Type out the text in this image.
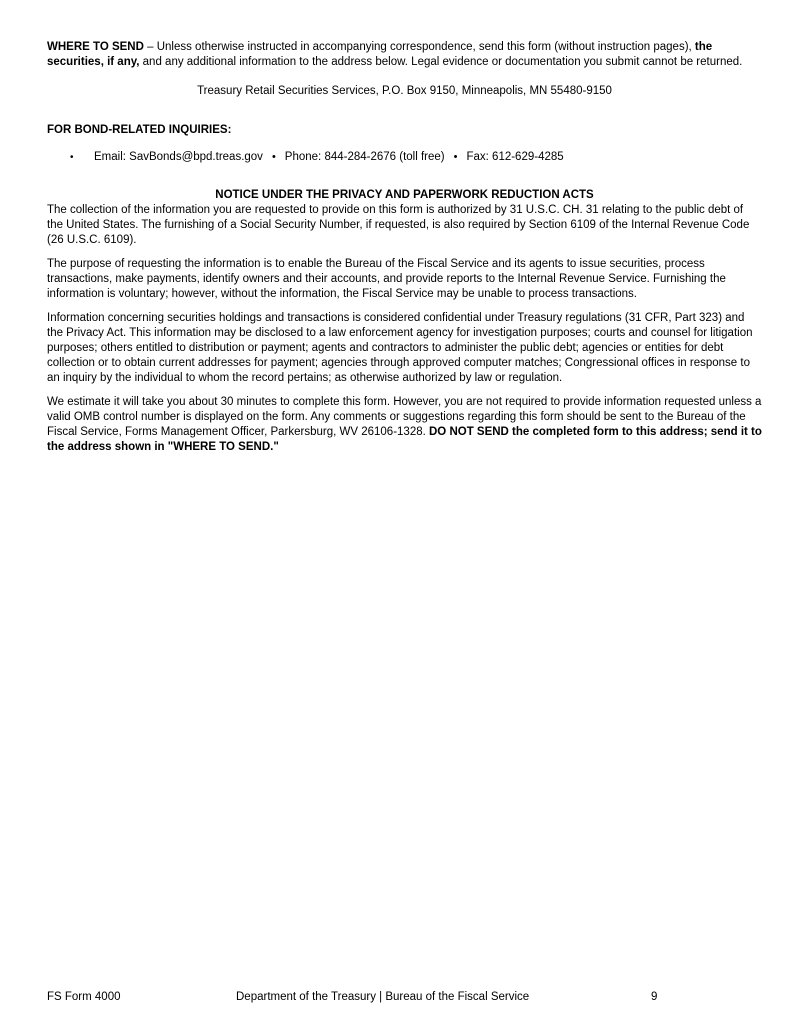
WHERE TO SEND – Unless otherwise instructed in accompanying correspondence, send this form (without instruction pages), the securities, if any, and any additional information to the address below. Legal evidence or documentation you submit cannot be returned.

Treasury Retail Securities Services, P.O. Box 9150, Minneapolis, MN 55480-9150

FOR BOND-RELATED INQUIRIES:

•	Email: SavBonds@bpd.treas.gov • Phone: 844-284-2676 (toll free) • Fax: 612-629-4285

NOTICE UNDER THE PRIVACY AND PAPERWORK REDUCTION ACTS

The collection of the information you are requested to provide on this form is authorized by 31 U.S.C. CH. 31 relating to the public debt of the United States. The furnishing of a Social Security Number, if requested, is also required by Section 6109 of the Internal Revenue Code (26 U.S.C. 6109).

The purpose of requesting the information is to enable the Bureau of the Fiscal Service and its agents to issue securities, process transactions, make payments, identify owners and their accounts, and provide reports to the Internal Revenue Service. Furnishing the information is voluntary; however, without the information, the Fiscal Service may be unable to process transactions.

Information concerning securities holdings and transactions is considered confidential under Treasury regulations (31 CFR, Part 323) and the Privacy Act. This information may be disclosed to a law enforcement agency for investigation purposes; courts and counsel for litigation purposes; others entitled to distribution or payment; agents and contractors to administer the public debt; agencies or entities for debt collection or to obtain current addresses for payment; agencies through approved computer matches; Congressional offices in response to an inquiry by the individual to whom the record pertains; as otherwise authorized by law or regulation.

We estimate it will take you about 30 minutes to complete this form. However, you are not required to provide information requested unless a valid OMB control number is displayed on the form. Any comments or suggestions regarding this form should be sent to the Bureau of the Fiscal Service, Forms Management Officer, Parkersburg, WV 26106-1328. DO NOT SEND the completed form to this address; send it to the address shown in "WHERE TO SEND."

FS Form 4000	Department of the Treasury | Bureau of the Fiscal Service	9
